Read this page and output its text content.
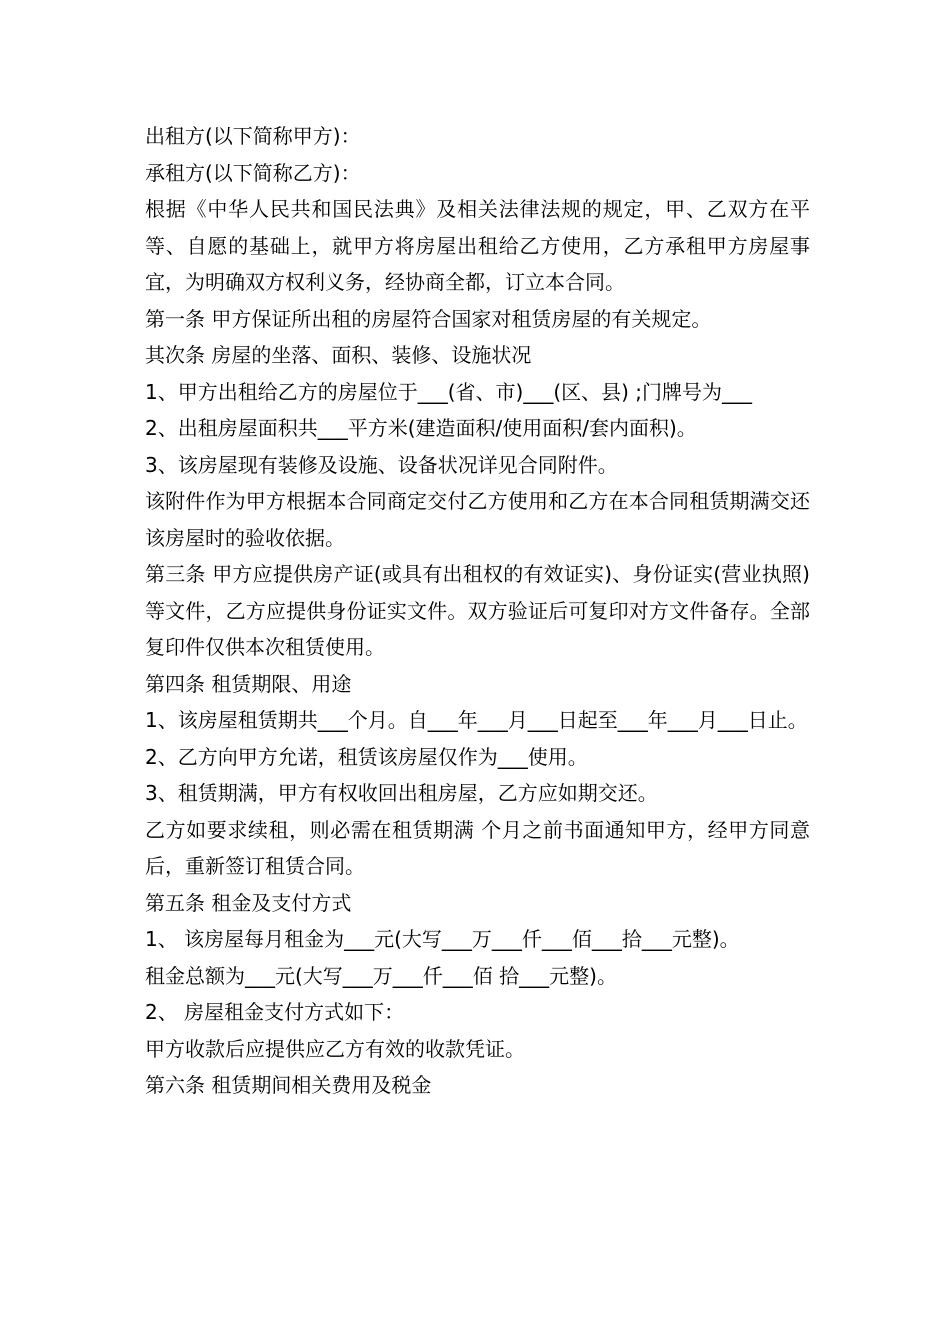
出租方(以下简称甲方)：

承租方(以下简称乙方)：

根据《中华人民共和国民法典》及相关法律法规的规定，甲、乙双方在平等、自愿的基础上，就甲方将房屋出租给乙方使用，乙方承租甲方房屋事宜，为明确双方权利义务，经协商全都，订立本合同。

第一条 甲方保证所出租的房屋符合国家对租赁房屋的有关规定。

其次条 房屋的坐落、面积、装修、设施状况

1、甲方出租给乙方的房屋位于___(省、市)___(区、县) ;门牌号为___

2、出租房屋面积共___平方米(建造面积/使用面积/套内面积)。

3、该房屋现有装修及设施、设备状况详见合同附件。

该附件作为甲方根据本合同商定交付乙方使用和乙方在本合同租赁期满交还该房屋时的验收依据。

第三条 甲方应提供房产证(或具有出租权的有效证实)、身份证实(营业执照)等文件，乙方应提供身份证实文件。双方验证后可复印对方文件备存。全部复印件仅供本次租赁使用。

第四条 租赁期限、用途

1、该房屋租赁期共___个月。自___年___月___日起至___年___月___日止。

2、乙方向甲方允诺，租赁该房屋仅作为___使用。

3、租赁期满，甲方有权收回出租房屋，乙方应如期交还。

乙方如要求续租，则必需在租赁期满 个月之前书面通知甲方，经甲方同意后，重新签订租赁合同。

第五条 租金及支付方式

1、 该房屋每月租金为___元(大写___万___仟___佰___拾___元整)。

租金总额为___元(大写___万___仟___佰 拾___元整)。

2、 房屋租金支付方式如下：

甲方收款后应提供应乙方有效的收款凭证。

第六条 租赁期间相关费用及税金
